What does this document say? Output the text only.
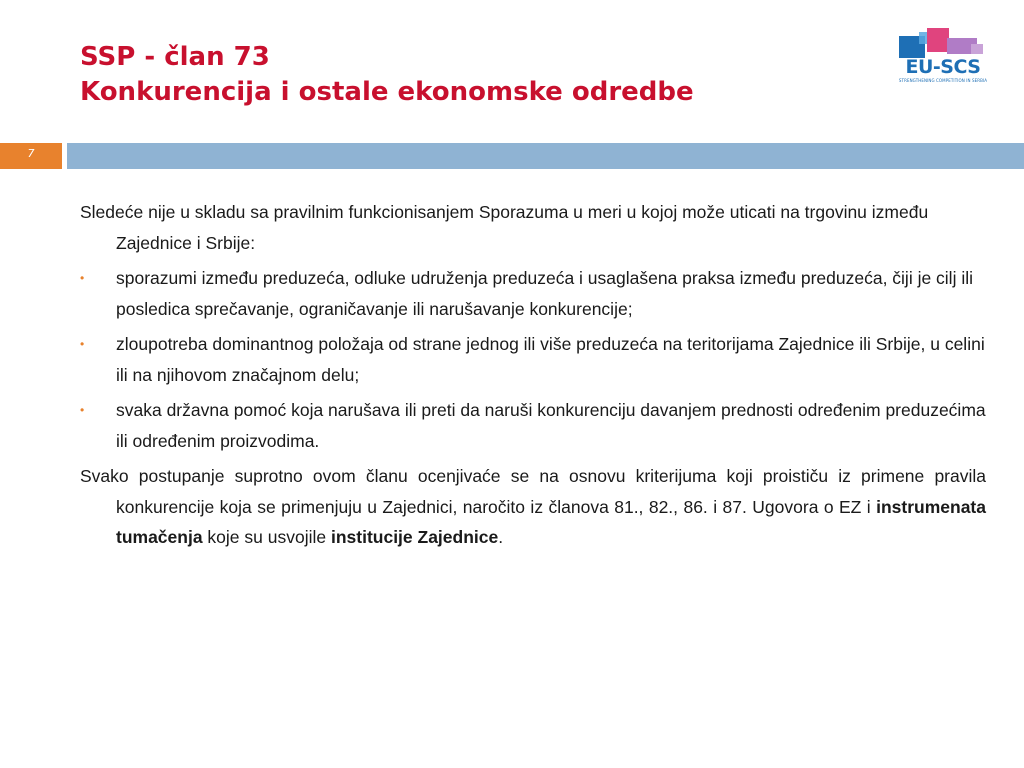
SSP - član 73
Konkurencija i ostale ekonomske odredbe
EU-SCS
STRENGTHENING COMPETITION IN SERBIA
7
Sledeće nije u skladu sa pravilnim funkcionisanjem Sporazuma u meri u kojoj može uticati na trgovinu između Zajednice i Srbije:
•	sporazumi između preduzeća, odluke udruženja preduzeća i usaglašena praksa između preduzeća, čiji je cilj ili posledica sprečavanje, ograničavanje ili narušavanje konkurencije;
•	zloupotreba dominantnog položaja od strane jednog ili više preduzeća na teritorijama Zajednice ili Srbije, u celini ili na njihovom značajnom delu;
•	svaka državna pomoć koja narušava ili preti da naruši konkurenciju davanjem prednosti određenim preduzećima ili određenim proizvodima.
Svako postupanje suprotno ovom članu ocenjivaće se na osnovu kriterijuma koji proističu iz primene pravila konkurencije koja se primenjuju u Zajednici, naročito iz članova 81., 82., 86. i 87. Ugovora o EZ i instrumenata tumačenja koje su usvojile institucije Zajednice.
